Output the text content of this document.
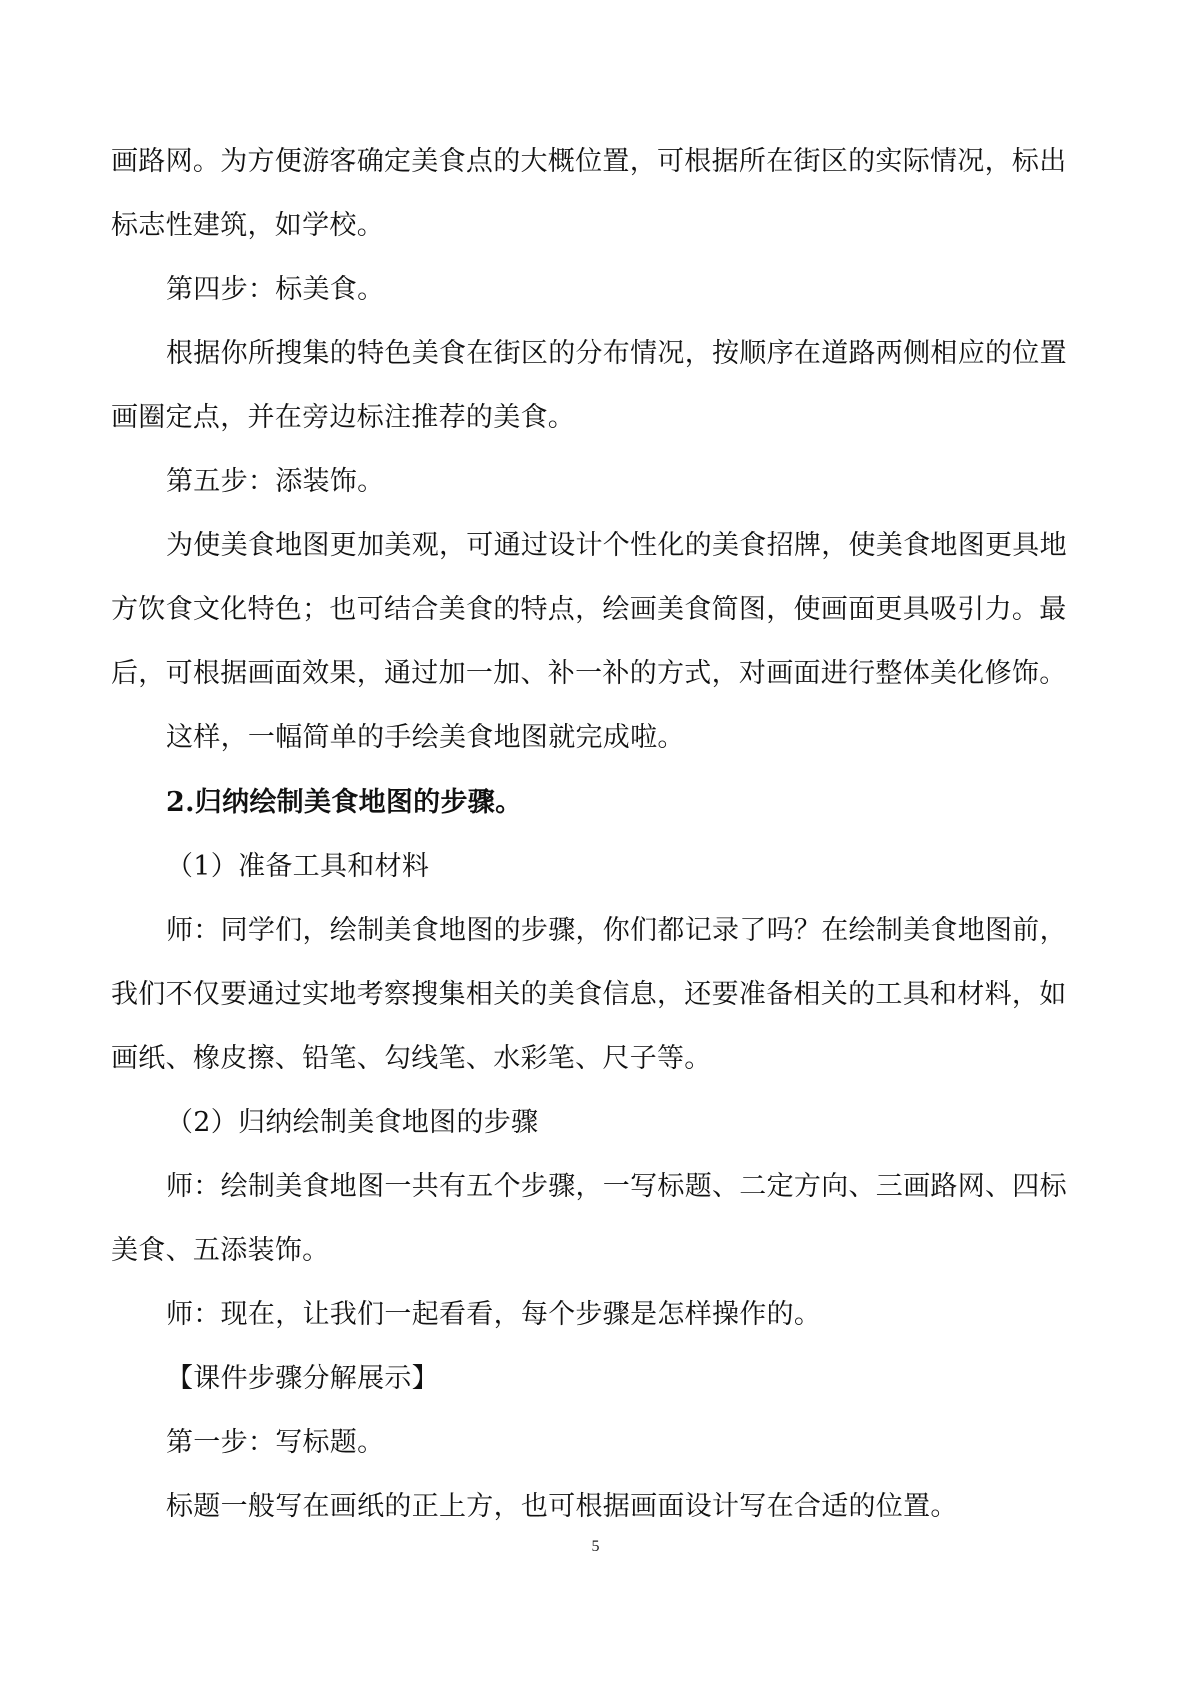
画路网。为方便游客确定美食点的大概位置，可根据所在街区的实际情况，标出
标志性建筑，如学校。
第四步：标美食。
根据你所搜集的特色美食在街区的分布情况，按顺序在道路两侧相应的位置
画圈定点，并在旁边标注推荐的美食。
第五步：添装饰。
为使美食地图更加美观，可通过设计个性化的美食招牌，使美食地图更具地
方饮食文化特色；也可结合美食的特点，绘画美食简图，使画面更具吸引力。最
后，可根据画面效果，通过加一加、补一补的方式，对画面进行整体美化修饰。
这样，一幅简单的手绘美食地图就完成啦。
2.归纳绘制美食地图的步骤。
（1）准备工具和材料
师：同学们，绘制美食地图的步骤，你们都记录了吗？在绘制美食地图前，
我们不仅要通过实地考察搜集相关的美食信息，还要准备相关的工具和材料，如
画纸、橡皮擦、铅笔、勾线笔、水彩笔、尺子等。
（2）归纳绘制美食地图的步骤
师：绘制美食地图一共有五个步骤，一写标题、二定方向、三画路网、四标
美食、五添装饰。
师：现在，让我们一起看看，每个步骤是怎样操作的。
【课件步骤分解展示】
第一步：写标题。
标题一般写在画纸的正上方，也可根据画面设计写在合适的位置。
5
